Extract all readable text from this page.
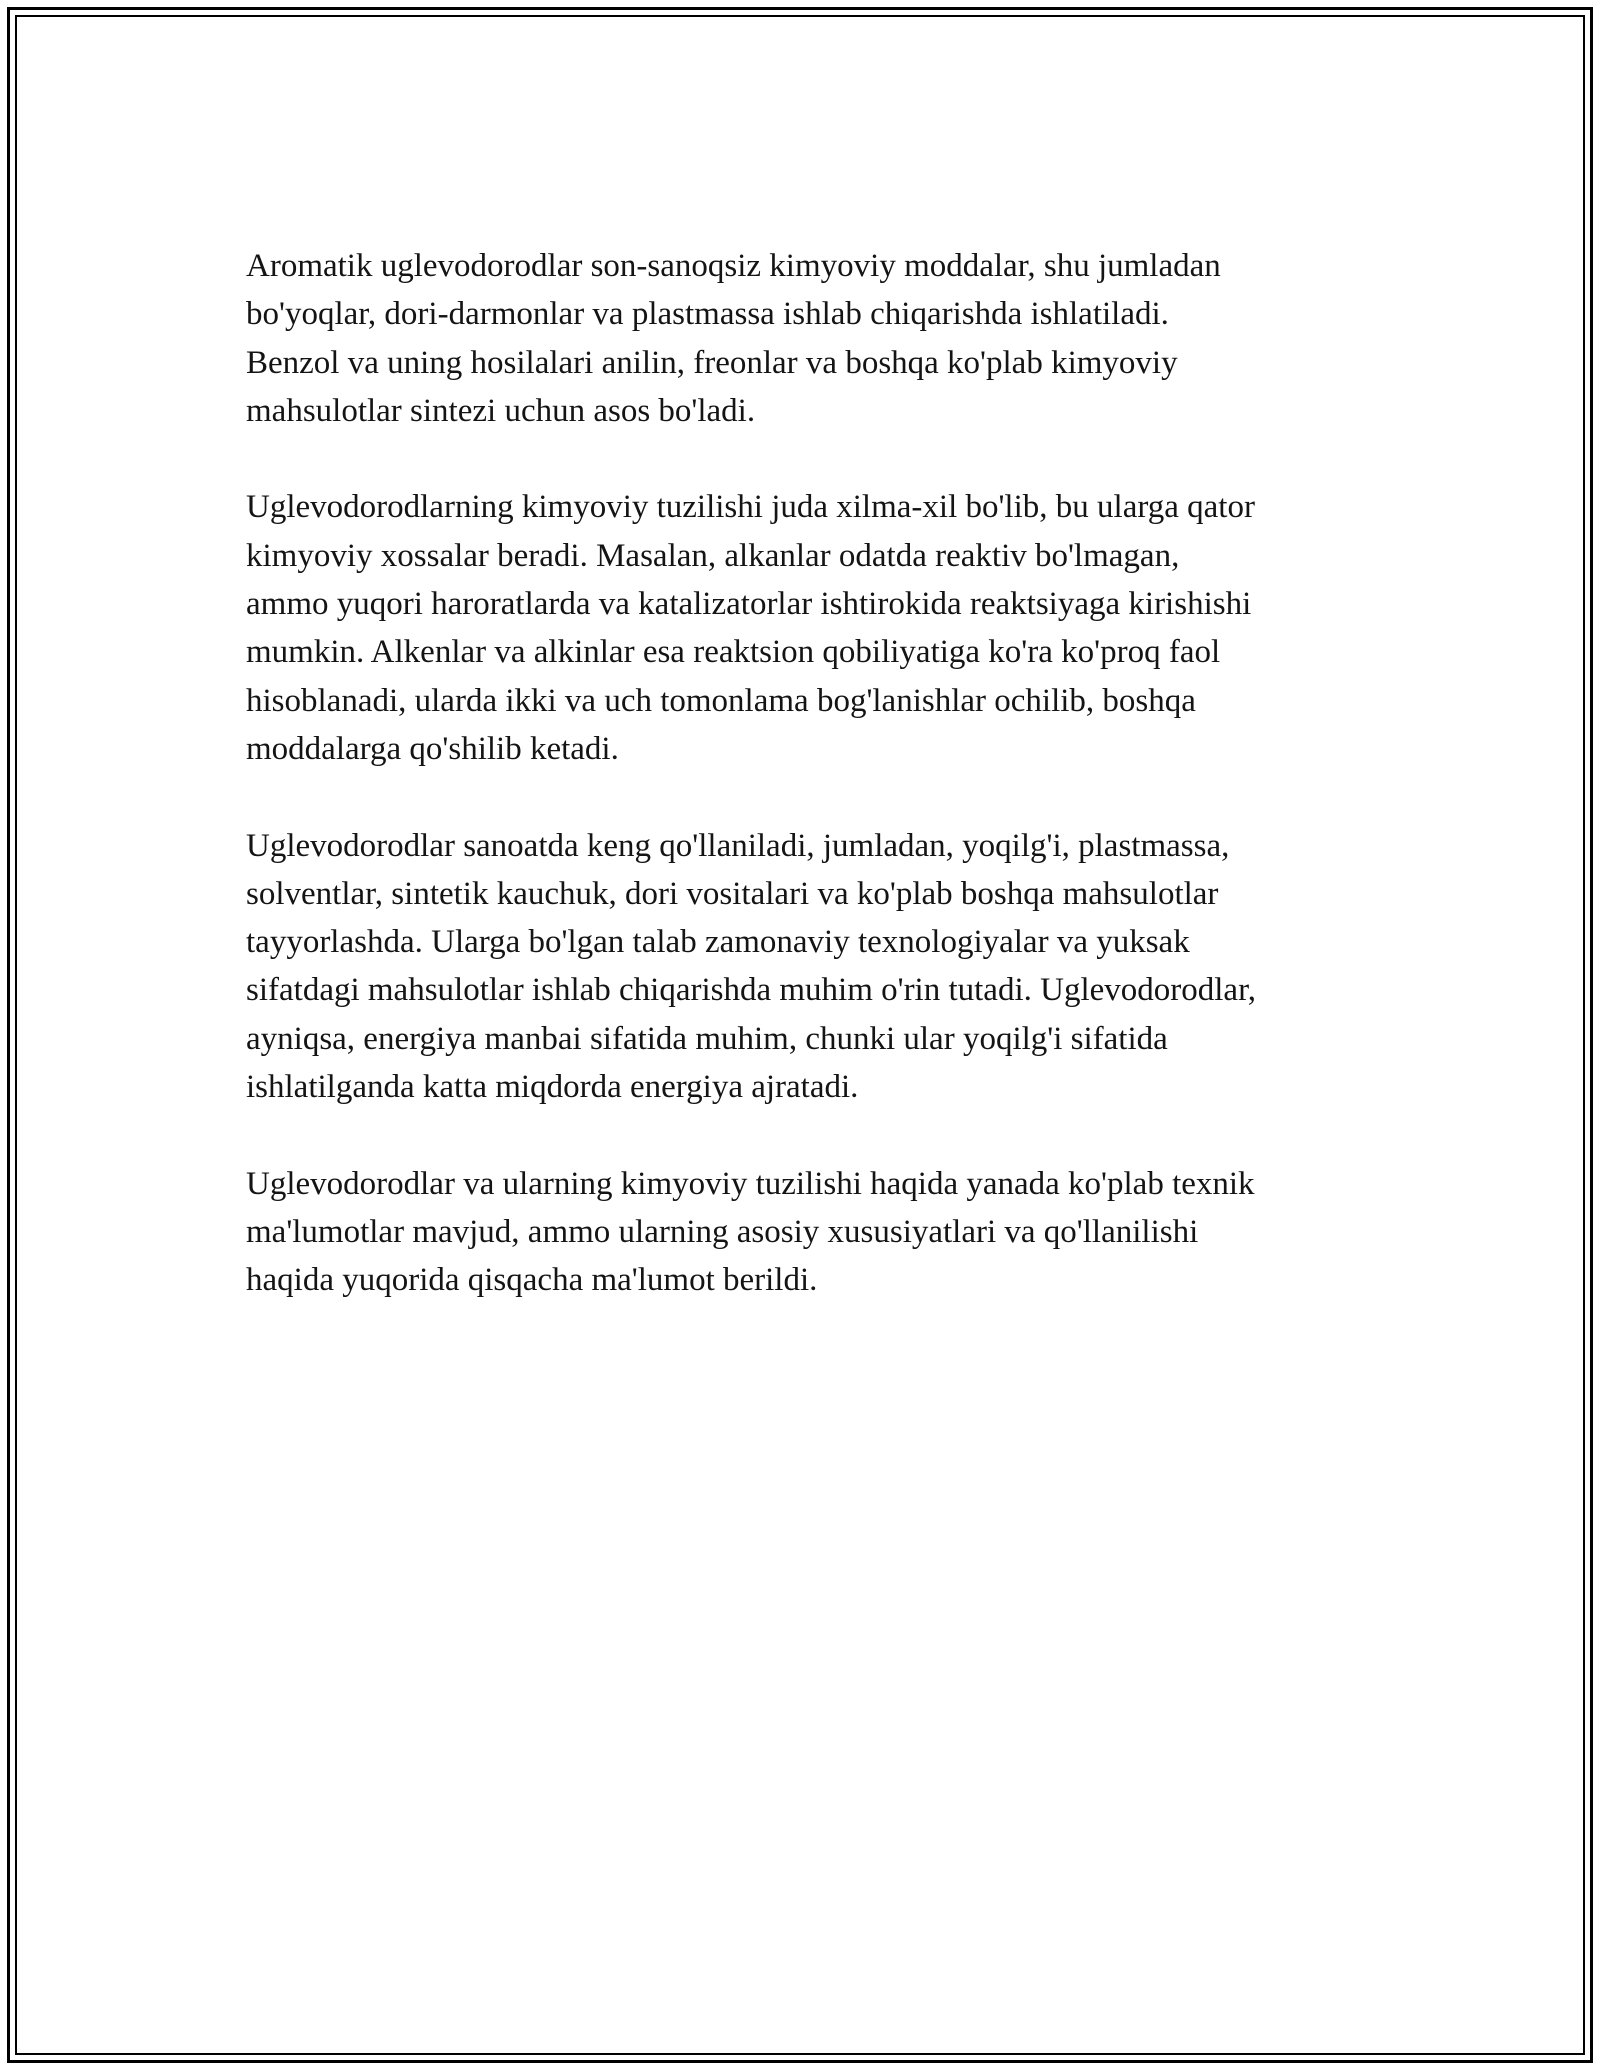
Aromatik uglevodorodlar son-sanoqsiz kimyoviy moddalar, shu jumladan
bo'yoqlar, dori-darmonlar va plastmassa ishlab chiqarishda ishlatiladi.
Benzol va uning hosilalari anilin, freonlar va boshqa ko'plab kimyoviy
mahsulotlar sintezi uchun asos bo'ladi.

Uglevodorodlarning kimyoviy tuzilishi juda xilma-xil bo'lib, bu ularga qator
kimyoviy xossalar beradi. Masalan, alkanlar odatda reaktiv bo'lmagan,
ammo yuqori haroratlarda va katalizatorlar ishtirokida reaktsiyaga kirishishi
mumkin. Alkenlar va alkinlar esa reaktsion qobiliyatiga ko'ra ko'proq faol
hisoblanadi, ularda ikki va uch tomonlama bog'lanishlar ochilib, boshqa
moddalarga qo'shilib ketadi.

Uglevodorodlar sanoatda keng qo'llaniladi, jumladan, yoqilg'i, plastmassa,
solventlar, sintetik kauchuk, dori vositalari va ko'plab boshqa mahsulotlar
tayyorlashda. Ularga bo'lgan talab zamonaviy texnologiyalar va yuksak
sifatdagi mahsulotlar ishlab chiqarishda muhim o'rin tutadi. Uglevodorodlar,
ayniqsa, energiya manbai sifatida muhim, chunki ular yoqilg'i sifatida
ishlatilganda katta miqdorda energiya ajratadi.

Uglevodorodlar va ularning kimyoviy tuzilishi haqida yanada ko'plab texnik
ma'lumotlar mavjud, ammo ularning asosiy xususiyatlari va qo'llanilishi
haqida yuqorida qisqacha ma'lumot berildi.
